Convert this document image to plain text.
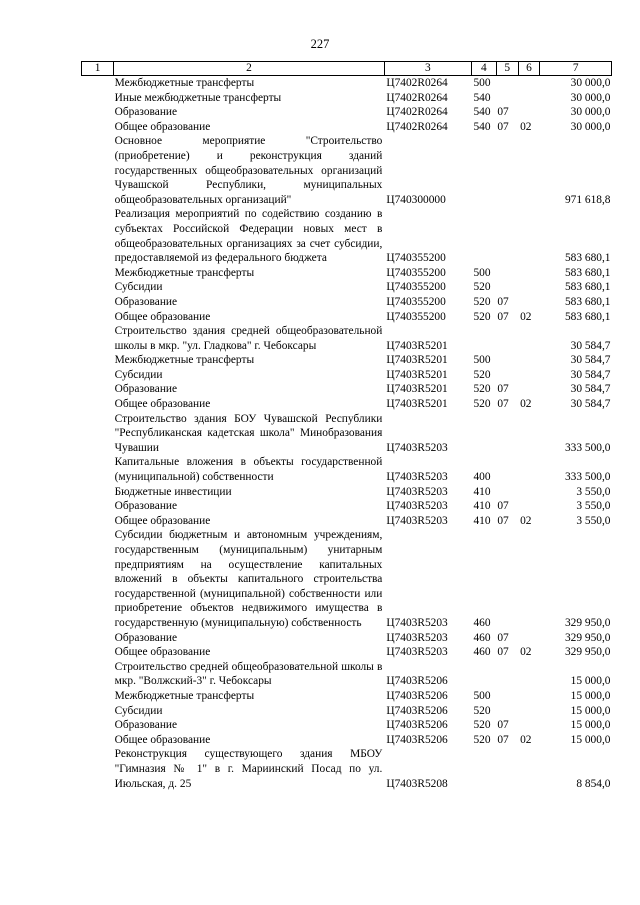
227
1	2	3	4	5	6	7
	Межбюджетные трансферты	Ц7402R0264	500			30 000,0
	Иные межбюджетные трансферты	Ц7402R0264	540			30 000,0
	Образование	Ц7402R0264	540	07		30 000,0
	Общее образование	Ц7402R0264	540	07	02	30 000,0
	Основное мероприятие "Строительство (приобретение) и реконструкция зданий государственных общеобразовательных организаций Чувашской Республики, муниципальных общеобразовательных организаций"	Ц740300000				971 618,8
	Реализация мероприятий по содействию созданию в субъектах Российской Федерации новых мест в общеобразовательных организациях за счет субсидии, предоставляемой из федерального бюджета	Ц740355200				583 680,1
	Межбюджетные трансферты	Ц740355200	500			583 680,1
	Субсидии	Ц740355200	520			583 680,1
	Образование	Ц740355200	520	07		583 680,1
	Общее образование	Ц740355200	520	07	02	583 680,1
	Строительство здания средней общеобразовательной школы в мкр. "ул. Гладкова" г. Чебоксары	Ц7403R5201				30 584,7
	Межбюджетные трансферты	Ц7403R5201	500			30 584,7
	Субсидии	Ц7403R5201	520			30 584,7
	Образование	Ц7403R5201	520	07		30 584,7
	Общее образование	Ц7403R5201	520	07	02	30 584,7
	Строительство здания БОУ Чувашской Республики "Республиканская кадетская школа" Минобразования Чувашии	Ц7403R5203				333 500,0
	Капитальные вложения в объекты государственной (муниципальной) собственности	Ц7403R5203	400			333 500,0
	Бюджетные инвестиции	Ц7403R5203	410			3 550,0
	Образование	Ц7403R5203	410	07		3 550,0
	Общее образование	Ц7403R5203	410	07	02	3 550,0
	Субсидии бюджетным и автономным учреждениям, государственным (муниципальным) унитарным предприятиям на осуществление капитальных вложений в объекты капитального строительства государственной (муниципальной) собственности или приобретение объектов недвижимого имущества в государственную (муниципальную) собственность	Ц7403R5203	460			329 950,0
	Образование	Ц7403R5203	460	07		329 950,0
	Общее образование	Ц7403R5203	460	07	02	329 950,0
	Строительство средней общеобразовательной школы в мкр. "Волжский-3" г. Чебоксары	Ц7403R5206				15 000,0
	Межбюджетные трансферты	Ц7403R5206	500			15 000,0
	Субсидии	Ц7403R5206	520			15 000,0
	Образование	Ц7403R5206	520	07		15 000,0
	Общее образование	Ц7403R5206	520	07	02	15 000,0
	Реконструкция существующего здания МБОУ "Гимназия № 1" в г. Мариинский Посад по ул. Июльская, д. 25	Ц7403R5208				8 854,0
